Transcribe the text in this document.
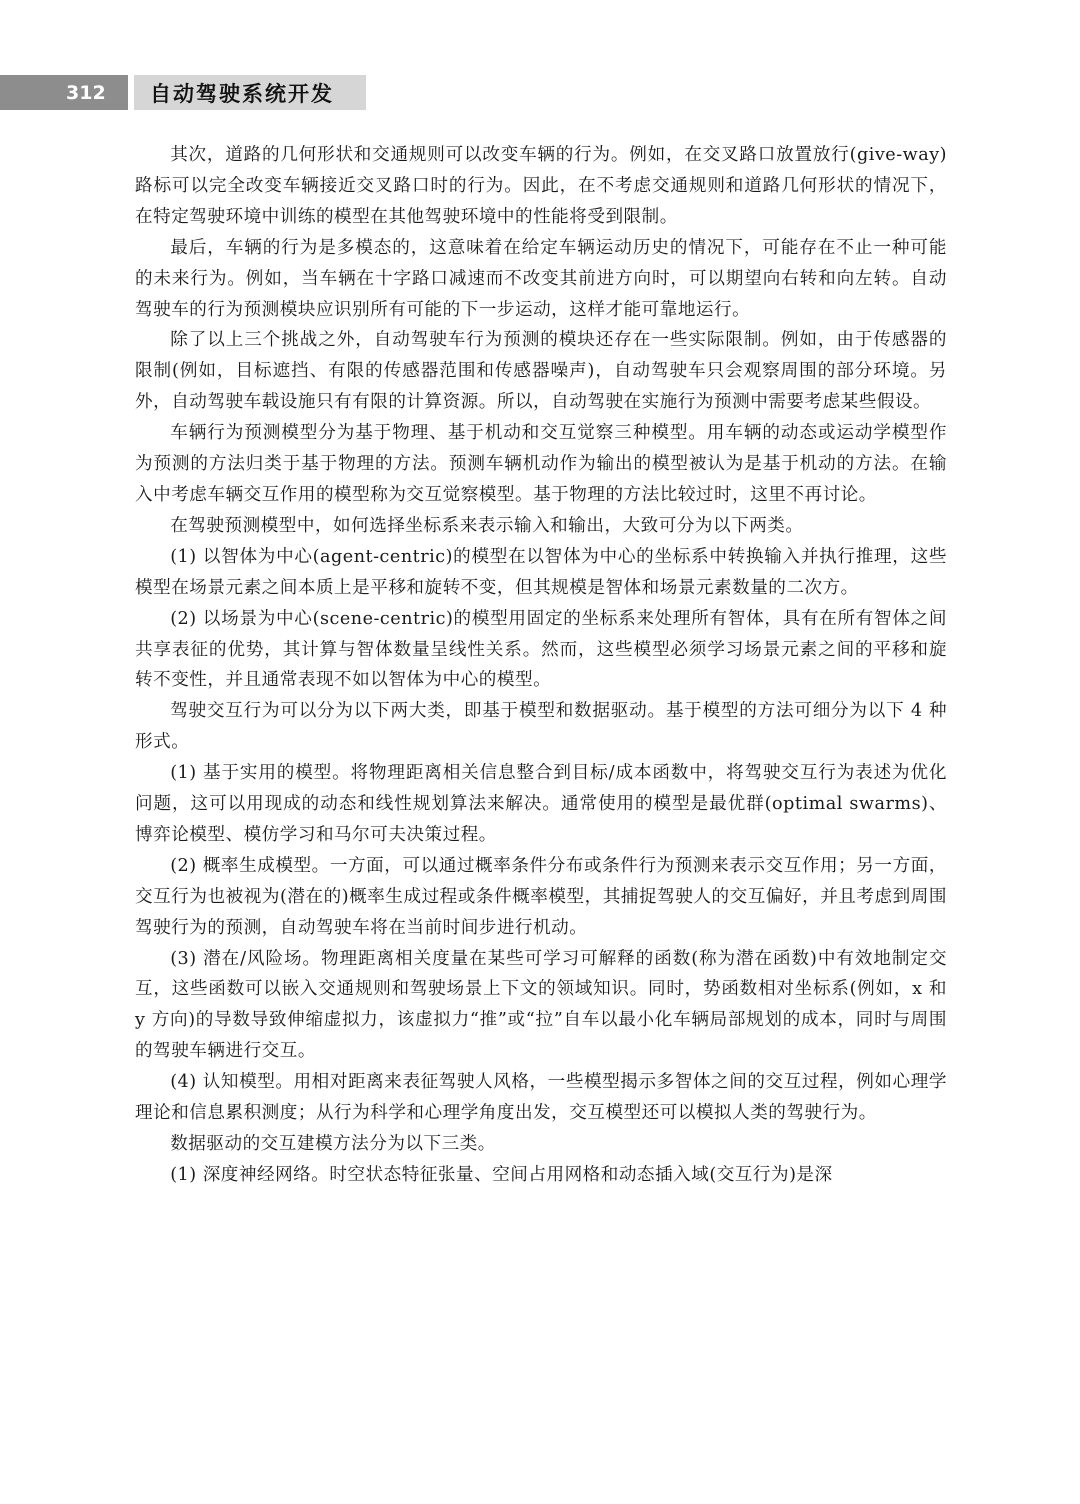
312	自动驾驶系统开发

其次，道路的几何形状和交通规则可以改变车辆的行为。例如，在交叉路口放置放行(give-way)路标可以完全改变车辆接近交叉路口时的行为。因此，在不考虑交通规则和道路几何形状的情况下，在特定驾驶环境中训练的模型在其他驾驶环境中的性能将受到限制。

最后，车辆的行为是多模态的，这意味着在给定车辆运动历史的情况下，可能存在不止一种可能的未来行为。例如，当车辆在十字路口减速而不改变其前进方向时，可以期望向右转和向左转。自动驾驶车的行为预测模块应识别所有可能的下一步运动，这样才能可靠地运行。

除了以上三个挑战之外，自动驾驶车行为预测的模块还存在一些实际限制。例如，由于传感器的限制(例如，目标遮挡、有限的传感器范围和传感器噪声)，自动驾驶车只会观察周围的部分环境。另外，自动驾驶车载设施只有有限的计算资源。所以，自动驾驶在实施行为预测中需要考虑某些假设。

车辆行为预测模型分为基于物理、基于机动和交互觉察三种模型。用车辆的动态或运动学模型作为预测的方法归类于基于物理的方法。预测车辆机动作为输出的模型被认为是基于机动的方法。在输入中考虑车辆交互作用的模型称为交互觉察模型。基于物理的方法比较过时，这里不再讨论。

在驾驶预测模型中，如何选择坐标系来表示输入和输出，大致可分为以下两类。

(1) 以智体为中心(agent-centric)的模型在以智体为中心的坐标系中转换输入并执行推理，这些模型在场景元素之间本质上是平移和旋转不变，但其规模是智体和场景元素数量的二次方。

(2) 以场景为中心(scene-centric)的模型用固定的坐标系来处理所有智体，具有在所有智体之间共享表征的优势，其计算与智体数量呈线性关系。然而，这些模型必须学习场景元素之间的平移和旋转不变性，并且通常表现不如以智体为中心的模型。

驾驶交互行为可以分为以下两大类，即基于模型和数据驱动。基于模型的方法可细分为以下 4 种形式。

(1) 基于实用的模型。将物理距离相关信息整合到目标/成本函数中，将驾驶交互行为表述为优化问题，这可以用现成的动态和线性规划算法来解决。通常使用的模型是最优群(optimal swarms)、博弈论模型、模仿学习和马尔可夫决策过程。

(2) 概率生成模型。一方面，可以通过概率条件分布或条件行为预测来表示交互作用；另一方面，交互行为也被视为(潜在的)概率生成过程或条件概率模型，其捕捉驾驶人的交互偏好，并且考虑到周围驾驶行为的预测，自动驾驶车将在当前时间步进行机动。

(3) 潜在/风险场。物理距离相关度量在某些可学习可解释的函数(称为潜在函数)中有效地制定交互，这些函数可以嵌入交通规则和驾驶场景上下文的领域知识。同时，势函数相对坐标系(例如，x 和 y 方向)的导数导致伸缩虚拟力，该虚拟力“推”或“拉”自车以最小化车辆局部规划的成本，同时与周围的驾驶车辆进行交互。

(4) 认知模型。用相对距离来表征驾驶人风格，一些模型揭示多智体之间的交互过程，例如心理学理论和信息累积测度；从行为科学和心理学角度出发，交互模型还可以模拟人类的驾驶行为。

数据驱动的交互建模方法分为以下三类。

(1) 深度神经网络。时空状态特征张量、空间占用网格和动态插入域(交互行为)是深
